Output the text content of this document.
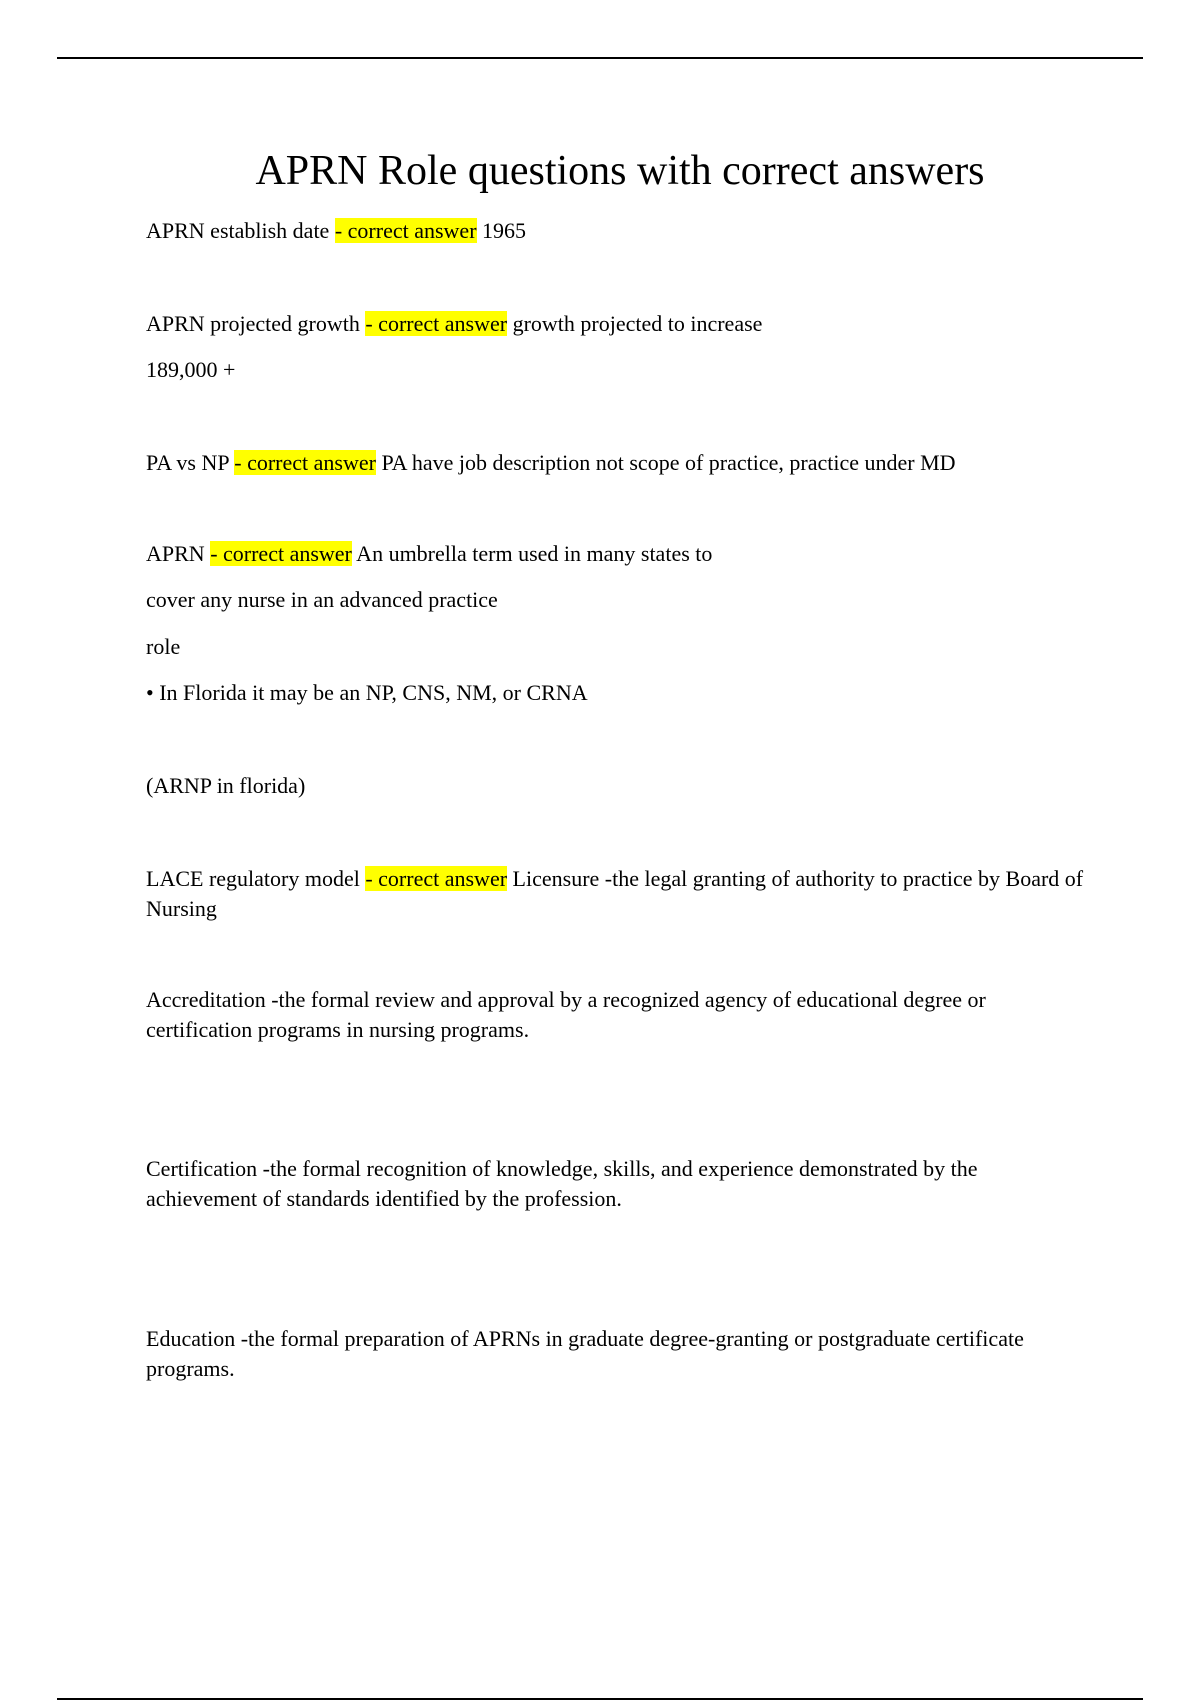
APRN Role questions with correct answers
APRN establish date - correct answer 1965
APRN projected growth - correct answer growth projected to increase
189,000 +
PA vs NP - correct answer PA have job description not scope of practice, practice under MD
APRN - correct answer An umbrella term used in many states to
cover any nurse in an advanced practice
role
• In Florida it may be an NP, CNS, NM, or CRNA
(ARNP in florida)

LACE regulatory model - correct answer Licensure -the legal granting of authority to practice by Board of Nursing

Accreditation -the formal review and approval by a recognized agency of educational degree or certification programs in nursing programs.

Certification -the formal recognition of knowledge, skills, and experience demonstrated by the achievement of standards identified by the profession.

Education -the formal preparation of APRNs in graduate degree-granting or postgraduate certificate programs.
